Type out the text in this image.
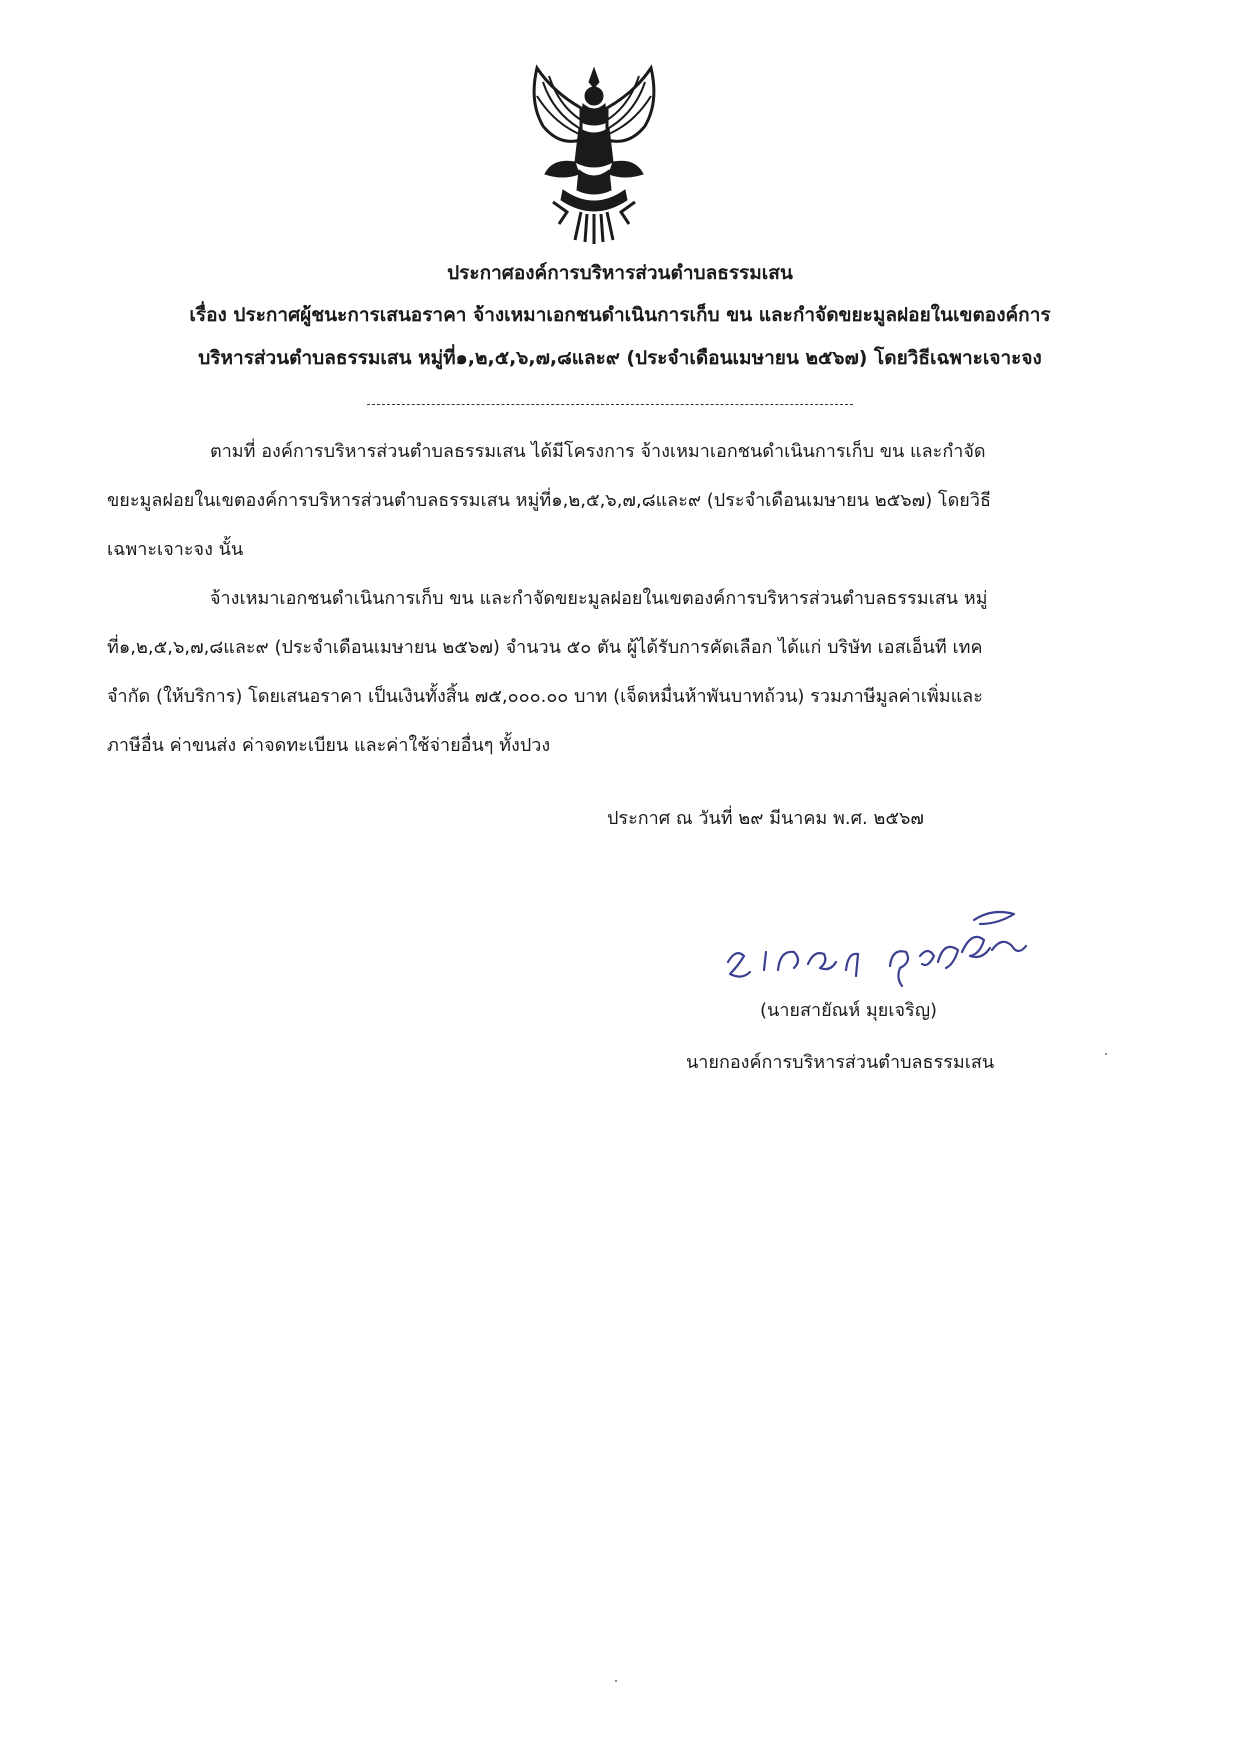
ประกาศองค์การบริหารส่วนตำบลธรรมเสน
เรื่อง ประกาศผู้ชนะการเสนอราคา จ้างเหมาเอกชนดำเนินการเก็บ ขน และกำจัดขยะมูลฝอยในเขตองค์การ
บริหารส่วนตำบลธรรมเสน หมู่ที่๑,๒,๕,๖,๗,๘และ๙ (ประจำเดือนเมษายน ๒๕๖๗) โดยวิธีเฉพาะเจาะจง
ตามที่ องค์การบริหารส่วนตำบลธรรมเสน ได้มีโครงการ จ้างเหมาเอกชนดำเนินการเก็บ ขน และกำจัด
ขยะมูลฝอยในเขตองค์การบริหารส่วนตำบลธรรมเสน หมู่ที่๑,๒,๕,๖,๗,๘และ๙ (ประจำเดือนเมษายน ๒๕๖๗) โดยวิธี
เฉพาะเจาะจง นั้น
จ้างเหมาเอกชนดำเนินการเก็บ ขน และกำจัดขยะมูลฝอยในเขตองค์การบริหารส่วนตำบลธรรมเสน หมู่
ที่๑,๒,๕,๖,๗,๘และ๙ (ประจำเดือนเมษายน ๒๕๖๗) จำนวน ๕๐ ตัน ผู้ได้รับการคัดเลือก ได้แก่ บริษัท เอสเอ็นที เทค
จำกัด (ให้บริการ) โดยเสนอราคา เป็นเงินทั้งสิ้น ๗๕,๐๐๐.๐๐ บาท (เจ็ดหมื่นห้าพันบาทถ้วน) รวมภาษีมูลค่าเพิ่มและ
ภาษีอื่น ค่าขนส่ง ค่าจดทะเบียน และค่าใช้จ่ายอื่นๆ ทั้งปวง
ประกาศ ณ วันที่ ๒๙ มีนาคม พ.ศ. ๒๕๖๗
(นายสายัณห์ มุยเจริญ)
นายกองค์การบริหารส่วนตำบลธรรมเสน
